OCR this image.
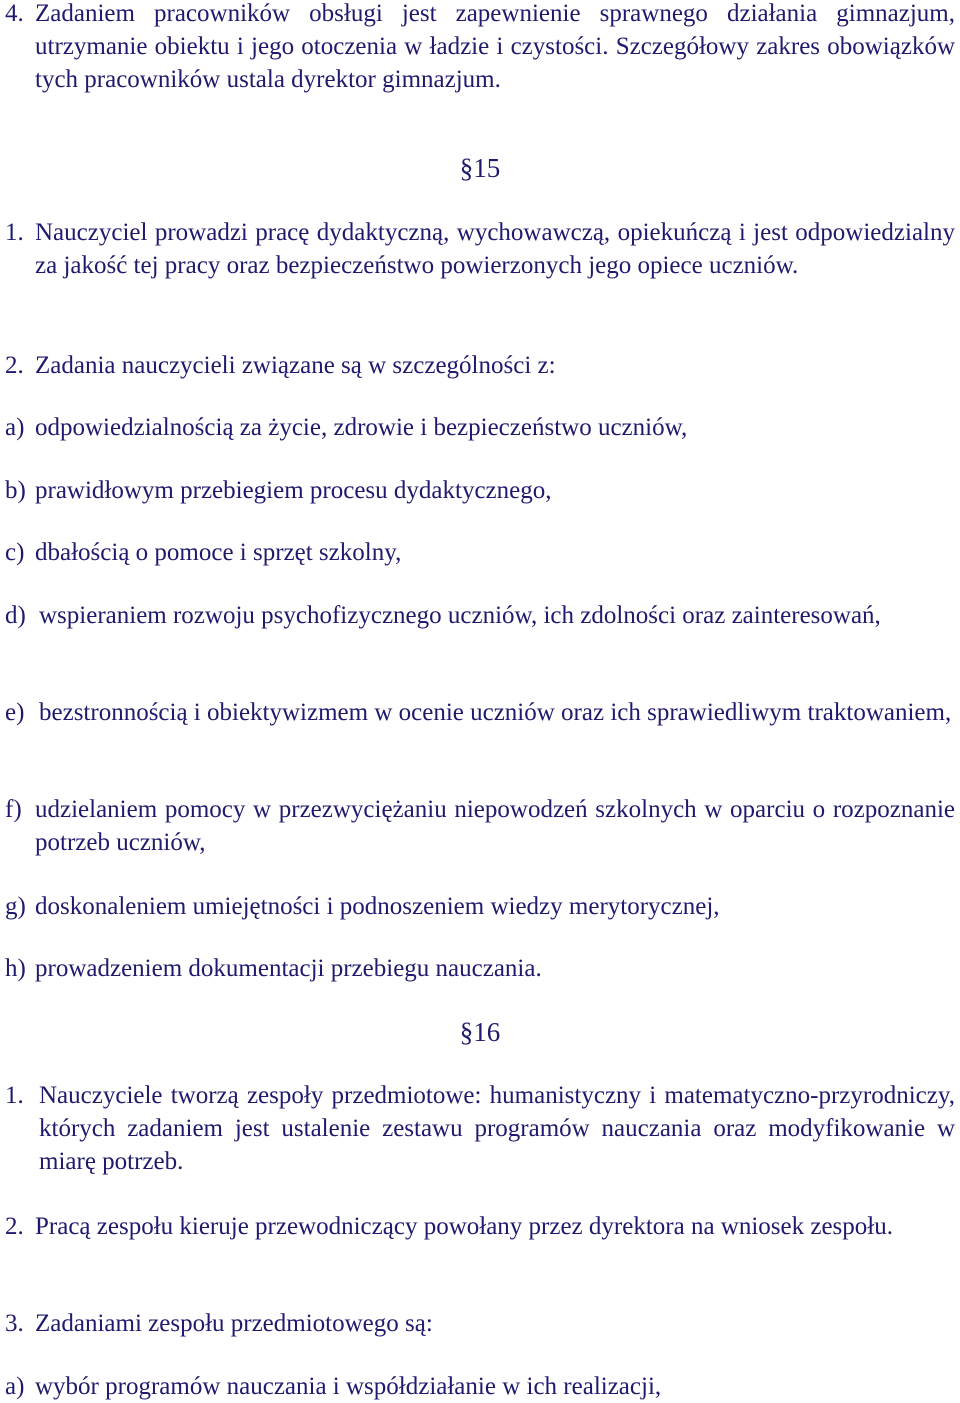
4. Zadaniem pracowników obsługi jest zapewnienie sprawnego działania gimnazjum, utrzymanie obiektu i jego otoczenia w ładzie i czystości. Szczegółowy zakres obowiązków tych pracowników ustala dyrektor gimnazjum.
§15
1. Nauczyciel prowadzi pracę dydaktyczną, wychowawczą, opiekuńczą i jest odpowiedzialny za jakość tej pracy oraz bezpieczeństwo powierzonych jego opiece uczniów.
2. Zadania nauczycieli związane są w szczególności z:
a) odpowiedzialnością za życie, zdrowie i bezpieczeństwo uczniów,
b) prawidłowym przebiegiem procesu dydaktycznego,
c) dbałością o pomoce i sprzęt szkolny,
d) wspieraniem rozwoju psychofizycznego uczniów, ich zdolności oraz zainteresowań,
e) bezstronnością i obiektywizmem w ocenie uczniów oraz ich sprawiedliwym traktowaniem,
f) udzielaniem pomocy w przezwyciężaniu niepowodzeń szkolnych w oparciu o rozpoznanie potrzeb uczniów,
g) doskonaleniem umiejętności i podnoszeniem wiedzy merytorycznej,
h) prowadzeniem dokumentacji przebiegu nauczania.
§16
1. Nauczyciele tworzą zespoły przedmiotowe: humanistyczny i matematyczno-przyrodniczy, których zadaniem jest ustalenie zestawu programów nauczania oraz modyfikowanie w miarę potrzeb.
2. Pracą zespołu kieruje przewodniczący powołany przez dyrektora na wniosek zespołu.
3. Zadaniami zespołu przedmiotowego są:
a) wybór programów nauczania i współdziałanie w ich realizacji,
